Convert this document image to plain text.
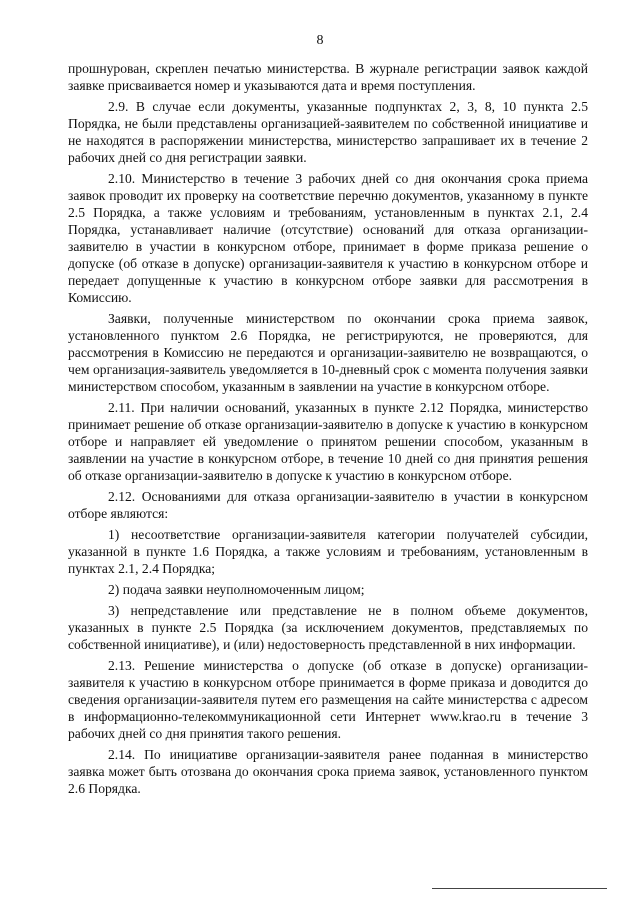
8

прошнурован, скреплен печатью министерства. В журнале регистрации заявок каждой заявке присваивается номер и указываются дата и время поступления.

2.9. В случае если документы, указанные подпунктах 2, 3, 8, 10 пункта 2.5 Порядка, не были представлены организацией-заявителем по собственной инициативе и не находятся в распоряжении министерства, министерство запрашивает их в течение 2 рабочих дней со дня регистрации заявки.

2.10. Министерство в течение 3 рабочих дней со дня окончания срока приема заявок проводит их проверку на соответствие перечню документов, указанному в пункте 2.5 Порядка, а также условиям и требованиям, установленным в пунктах 2.1, 2.4 Порядка, устанавливает наличие (отсутствие) оснований для отказа организации-заявителю в участии в конкурсном отборе, принимает в форме приказа решение о допуске (об отказе в допуске) организации-заявителя к участию в конкурсном отборе и передает допущенные к участию в конкурсном отборе заявки для рассмотрения в Комиссию.

Заявки, полученные министерством по окончании срока приема заявок, установленного пунктом 2.6 Порядка, не регистрируются, не проверяются, для рассмотрения в Комиссию не передаются и организации-заявителю не возвращаются, о чем организация-заявитель уведомляется в 10-дневный срок с момента получения заявки министерством способом, указанным в заявлении на участие в конкурсном отборе.

2.11. При наличии оснований, указанных в пункте 2.12 Порядка, министерство принимает решение об отказе организации-заявителю в допуске к участию в конкурсном отборе и направляет ей уведомление о принятом решении способом, указанным в заявлении на участие в конкурсном отборе, в течение 10 дней со дня принятия решения об отказе организации-заявителю в допуске к участию в конкурсном отборе.

2.12. Основаниями для отказа организации-заявителю в участии в конкурсном отборе являются:

1) несоответствие организации-заявителя категории получателей субсидии, указанной в пункте 1.6 Порядка, а также условиям и требованиям, установленным в пунктах 2.1, 2.4 Порядка;

2) подача заявки неуполномоченным лицом;

3) непредставление или представление не в полном объеме документов, указанных в пункте 2.5 Порядка (за исключением документов, представляемых по собственной инициативе), и (или) недостоверность представленной в них информации.

2.13. Решение министерства о допуске (об отказе в допуске) организации-заявителя к участию в конкурсном отборе принимается в форме приказа и доводится до сведения организации-заявителя путем его размещения на сайте министерства с адресом в информационно-телекоммуникационной сети Интернет www.krao.ru в течение 3 рабочих дней со дня принятия такого решения.

2.14. По инициативе организации-заявителя ранее поданная в министерство заявка может быть отозвана до окончания срока приема заявок, установленного пунктом 2.6 Порядка.
